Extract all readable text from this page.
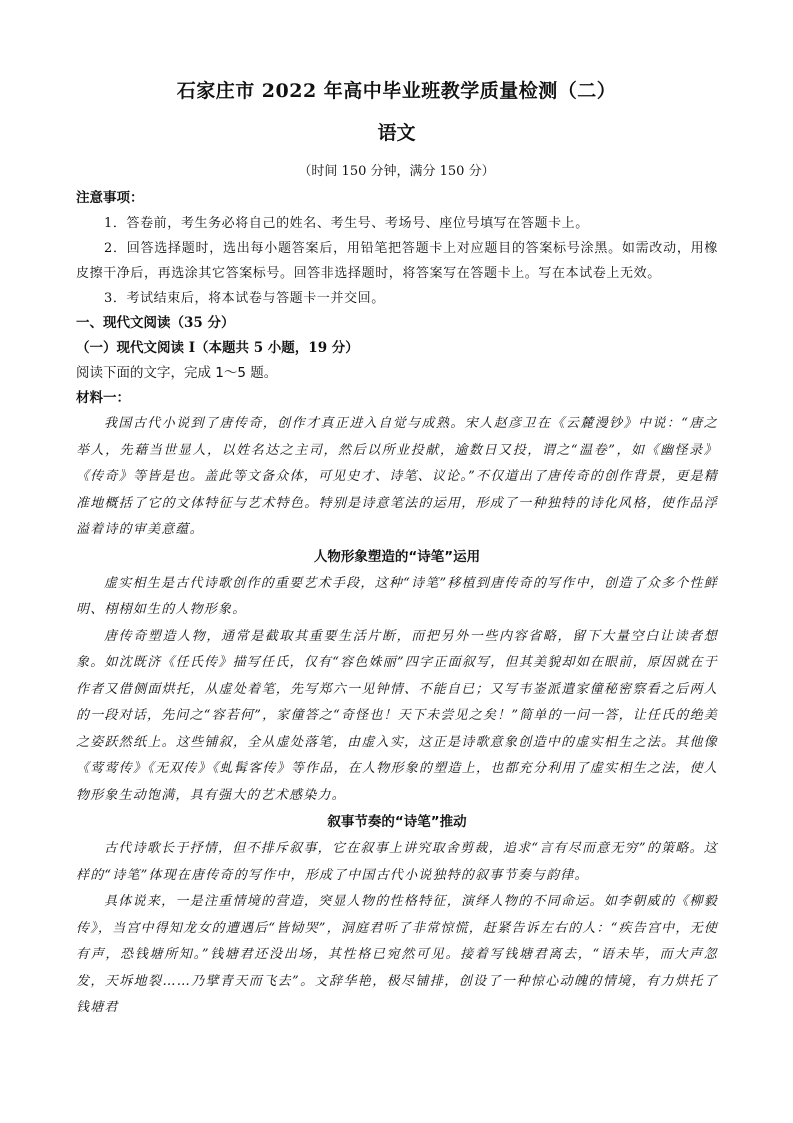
石家庄市 2022 年高中毕业班教学质量检测（二）
语文
（时间 150 分钟，满分 150 分）

注意事项：

1．答卷前，考生务必将自己的姓名、考生号、考场号、座位号填写在答题卡上。

2．回答选择题时，选出每小题答案后，用铅笔把答题卡上对应题目的答案标号涂黑。如需改动，用橡皮擦干净后，再选涂其它答案标号。回答非选择题时，将答案写在答题卡上。写在本试卷上无效。

3．考试结束后，将本试卷与答题卡一并交回。

一、现代文阅读（35 分）

（一）现代文阅读 I（本题共 5 小题，19 分）

阅读下面的文字，完成 1～5 题。

材料一：

我国古代小说到了唐传奇，创作才真正进入自觉与成熟。宋人赵彦卫在《云麓漫钞》中说：“唐之举人，先藉当世显人，以姓名达之主司，然后以所业投献，逾数日又投，谓之“温卷”，如《幽怪录》《传奇》等皆是也。盖此等文备众体，可见史才、诗笔、议论。”不仅道出了唐传奇的创作背景，更是精准地概括了它的文体特征与艺术特色。特别是诗意笔法的运用，形成了一种独特的诗化风格，使作品浮溢着诗的审美意蕴。

人物形象塑造的“诗笔”运用

虚实相生是古代诗歌创作的重要艺术手段，这种“诗笔”移植到唐传奇的写作中，创造了众多个性鲜明、栩栩如生的人物形象。

唐传奇塑造人物，通常是截取其重要生活片断，而把另外一些内容省略，留下大量空白让读者想象。如沈既济《任氏传》描写任氏，仅有“容色姝丽”四字正面叙写，但其美貌却如在眼前，原因就在于作者又借侧面烘托，从虚处着笔，先写郑六一见钟情、不能自已；又写韦崟派遣家僮秘密察看之后两人的一段对话，先问之“容若何”，家僮答之“奇怪也！天下未尝见之矣！”简单的一问一答，让任氏的绝美之姿跃然纸上。这些铺叙，全从虚处落笔，由虚入实，这正是诗歌意象创造中的虚实相生之法。其他像《莺莺传》《无双传》《虬髯客传》等作品，在人物形象的塑造上，也都充分利用了虚实相生之法，使人物形象生动饱满，具有强大的艺术感染力。

叙事节奏的“诗笔”推动

古代诗歌长于抒情，但不排斥叙事，它在叙事上讲究取舍剪裁，追求“言有尽而意无穷”的策略。这样的“诗笔”体现在唐传奇的写作中，形成了中国古代小说独特的叙事节奏与韵律。

具体说来，一是注重情境的营造，突显人物的性格特征，演绎人物的不同命运。如李朝威的《柳毅传》，当宫中得知龙女的遭遇后“皆恸哭”，洞庭君听了非常惊慌，赶紧告诉左右的人：“疾告宫中，无使有声，恐钱塘所知。”钱塘君还没出场，其性格已宛然可见。接着写钱塘君离去，“语未毕，而大声忽发，天坼地裂……乃擘青天而飞去”。文辞华艳，极尽铺排，创设了一种惊心动魄的情境，有力烘托了钱塘君
